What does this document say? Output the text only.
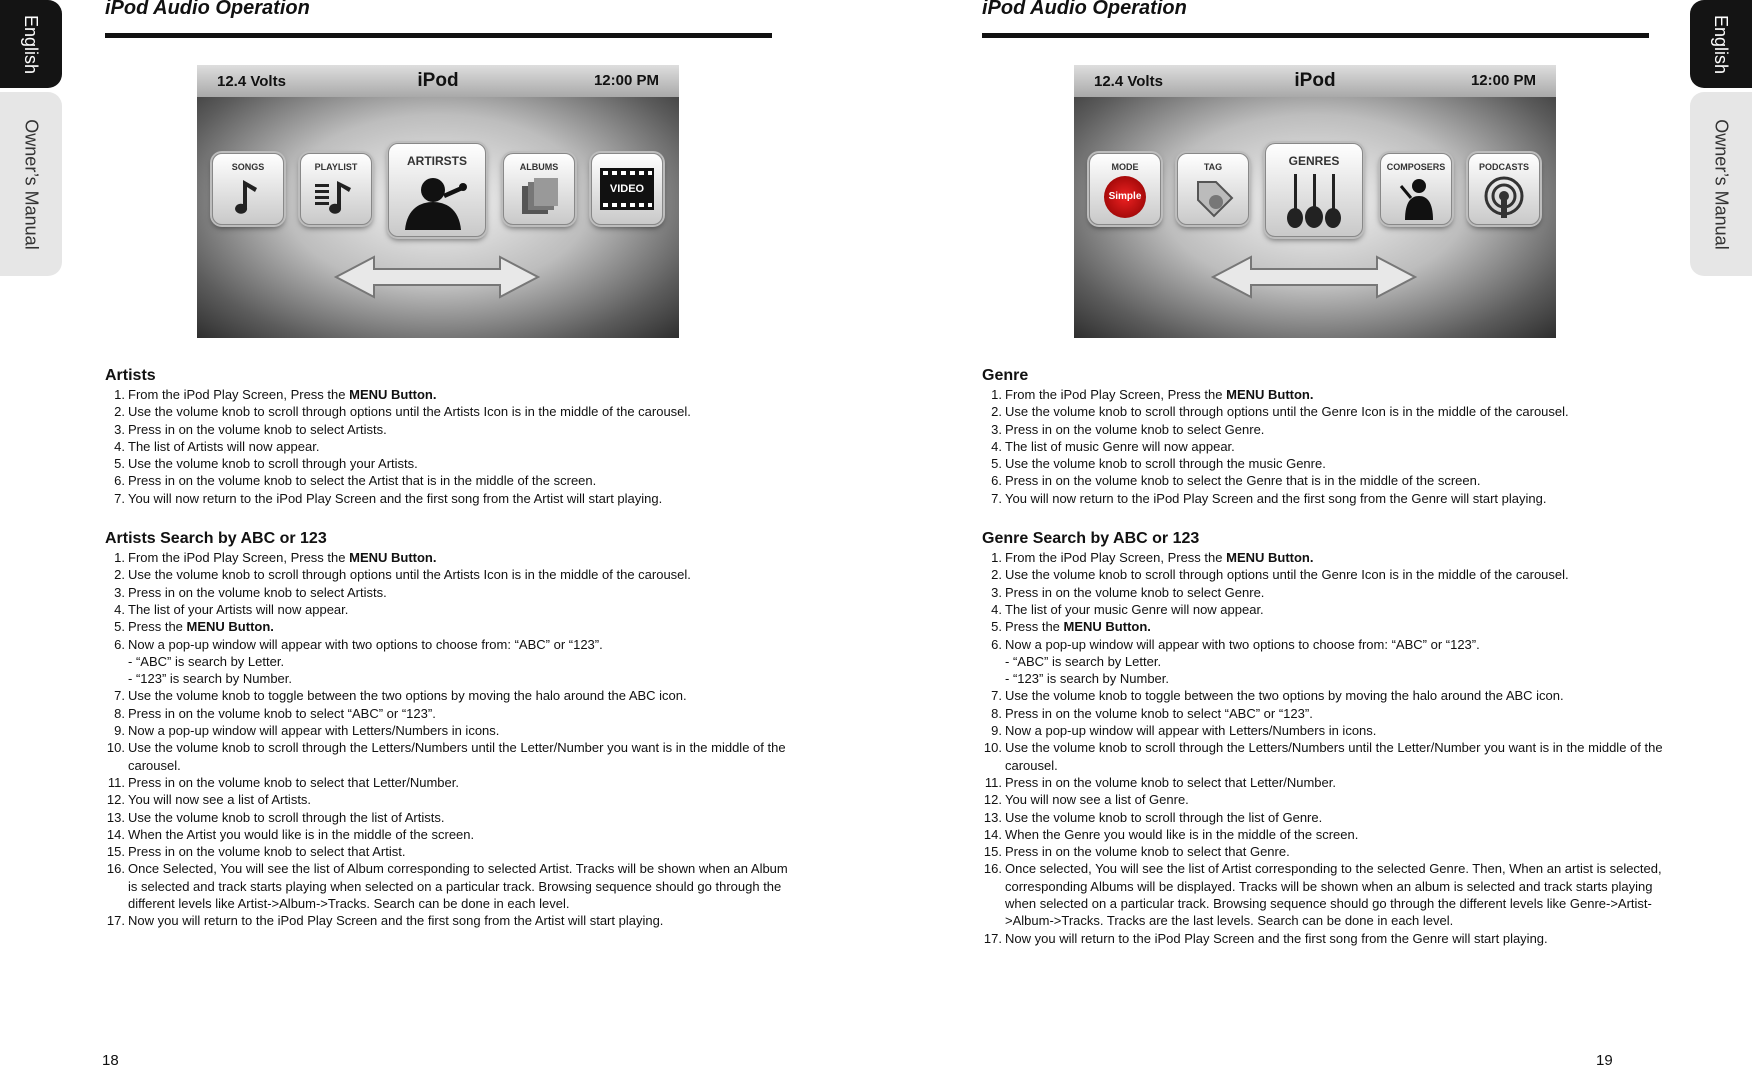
English
Owner’s Manual
iPod Audio Operation
12.4 Volts	iPod	12:00 PM
SONGS	PLAYLIST	ARTIRSTS	ALBUMS
VIDEO
Artists
1. From the iPod Play Screen, Press the MENU Button.
2. Use the volume knob to scroll through options until the Artists Icon is in the middle of the carousel.
3. Press in on the volume knob to select Artists.
4. The list of Artists will now appear.
5. Use the volume knob to scroll through your Artists.
6. Press in on the volume knob to select the Artist that is in the middle of the screen.
7. You will now return to the iPod Play Screen and the first song from the Artist will start playing.
Artists Search by ABC or 123
1. From the iPod Play Screen, Press the MENU Button.
2. Use the volume knob to scroll through options until the Artists Icon is in the middle of the carousel.
3. Press in on the volume knob to select Artists.
4. The list of your Artists will now appear.
5. Press the MENU Button.
6. Now a pop-up window will appear with two options to choose from: “ABC” or “123”.
- “ABC” is search by Letter.
- “123” is search by Number.
7. Use the volume knob to toggle between the two options by moving the halo around the ABC icon.
8. Press in on the volume knob to select “ABC” or “123”.
9. Now a pop-up window will appear with Letters/Numbers in icons.
10. Use the volume knob to scroll through the Letters/Numbers until the Letter/Number you want is in the middle of the carousel.
11. Press in on the volume knob to select that Letter/Number.
12. You will now see a list of Artists.
13. Use the volume knob to scroll through the list of Artists.
14. When the Artist you would like is in the middle of the screen.
15. Press in on the volume knob to select that Artist.
16. Once Selected, You will see the list of Album corresponding to selected Artist. Tracks will be shown when an Album is selected and track starts playing when selected on a particular track. Browsing sequence should go through the different levels like Artist->Album->Tracks. Search can be done in each level.
17. Now you will return to the iPod Play Screen and the first song from the Artist will start playing.
18
English
Owner’s Manual
iPod Audio Operation
12.4 Volts	iPod	12:00 PM
MODE
Simple
TAG	GENRES	COMPOSERS	PODCASTS
Genre
1. From the iPod Play Screen, Press the MENU Button.
2. Use the volume knob to scroll through options until the Genre Icon is in the middle of the carousel.
3. Press in on the volume knob to select Genre.
4. The list of music Genre will now appear.
5. Use the volume knob to scroll through the music Genre.
6. Press in on the volume knob to select the Genre that is in the middle of the screen.
7. You will now return to the iPod Play Screen and the first song from the Genre will start playing.
Genre Search by ABC or 123
1. From the iPod Play Screen, Press the MENU Button.
2. Use the volume knob to scroll through options until the Genre Icon is in the middle of the carousel.
3. Press in on the volume knob to select Genre.
4. The list of your music Genre will now appear.
5. Press the MENU Button.
6. Now a pop-up window will appear with two options to choose from: “ABC” or “123”.
- “ABC” is search by Letter.
- “123” is search by Number.
7. Use the volume knob to toggle between the two options by moving the halo around the ABC icon.
8. Press in on the volume knob to select “ABC” or “123”.
9. Now a pop-up window will appear with Letters/Numbers in icons.
10. Use the volume knob to scroll through the Letters/Numbers until the Letter/Number you want is in the middle of the carousel.
11. Press in on the volume knob to select that Letter/Number.
12. You will now see a list of Genre.
13. Use the volume knob to scroll through the list of Genre.
14. When the Genre you would like is in the middle of the screen.
15. Press in on the volume knob to select that Genre.
16. Once selected, You will see the list of Artist corresponding to the selected Genre. Then, When an artist is selected, corresponding Albums will be displayed. Tracks will be shown when an album is selected and track starts playing when selected on a particular track. Browsing sequence should go through the different levels like Genre->Artist->Album->Tracks. Tracks are the last levels. Search can be done in each level.
17. Now you will return to the iPod Play Screen and the first song from the Genre will start playing.
19
